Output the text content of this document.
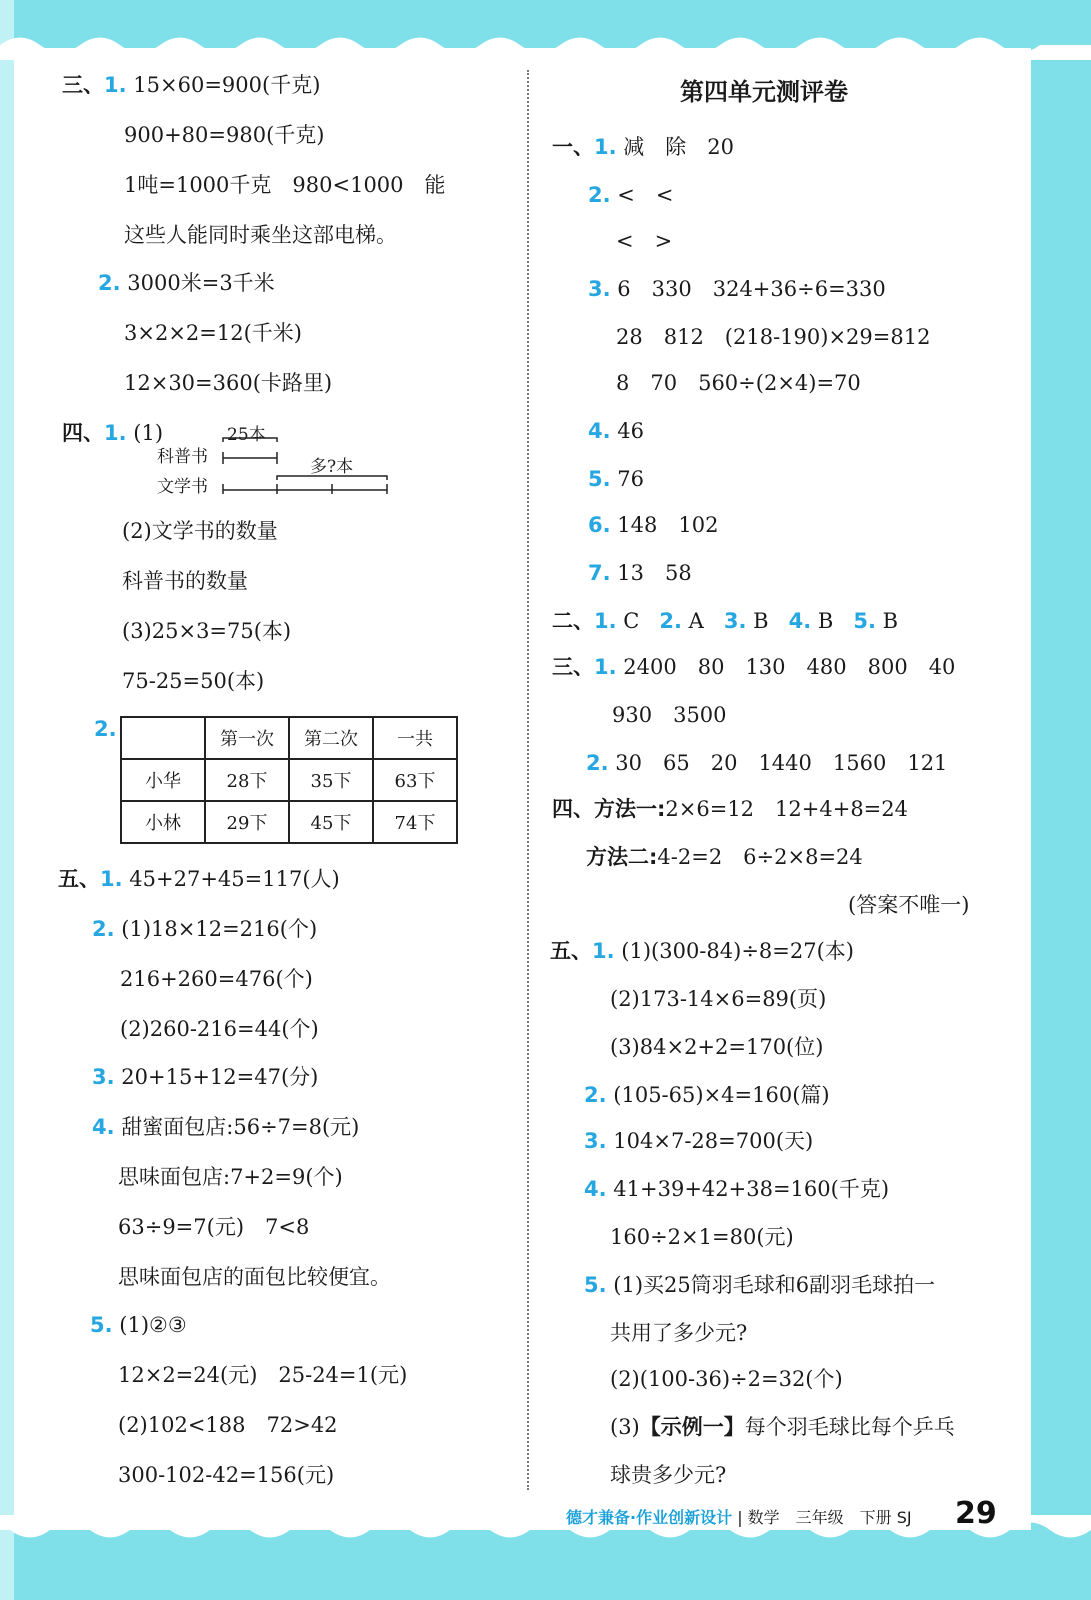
三、1. 15×60=900(千克)
900+80=980(千克)
1吨=1000千克　980<1000　能
这些人能同时乘坐这部电梯。
2. 3000米=3千米
3×2×2=12(千米)
12×30=360(卡路里)
四、1. (1)	25本
科普书
文学书
多?本
(2)文学书的数量
科普书的数量
(3)25×3=75(本)
75-25=50(本)
2.
		第一次	第二次	一共
小华	28下	35下	63下
小林	29下	45下	74下
五、1. 45+27+45=117(人)
2. (1)18×12=216(个)
216+260=476(个)
(2)260-216=44(个)
3. 20+15+12=47(分)
4. 甜蜜面包店:56÷7=8(元)
思味面包店:7+2=9(个)
63÷9=7(元)　7<8
思味面包店的面包比较便宜。
5. (1)②③
12×2=24(元)　25-24=1(元)
(2)102<188　72>42
300-102-42=156(元)
第四单元测评卷
一、1. 减　除　20
2. <　<
<　>
3. 6　330　324+36÷6=330
28　812　(218-190)×29=812
8　70　560÷(2×4)=70
4. 46
5. 76
6. 148　102
7. 13　58
二、1. C 2. A 3. B 4. B 5. B
三、1. 2400　80　130　480　800　40
930　3500
2. 30　65　20　1440　1560　121
四、方法一:2×6=12　12+4+8=24
方法二:4-2=2　6÷2×8=24
(答案不唯一)
五、1. (1)(300-84)÷8=27(本)
(2)173-14×6=89(页)
(3)84×2+2=170(位)
2. (105-65)×4=160(篇)
3. 104×7-28=700(天)
4. 41+39+42+38=160(千克)
160÷2×1=80(元)
5. (1)买25筒羽毛球和6副羽毛球拍一
共用了多少元?
(2)(100-36)÷2=32(个)
(3)【示例一】每个羽毛球比每个乒乓
球贵多少元?
德才兼备·作业创新设计 | 数学　三年级　下册 SJ 29
